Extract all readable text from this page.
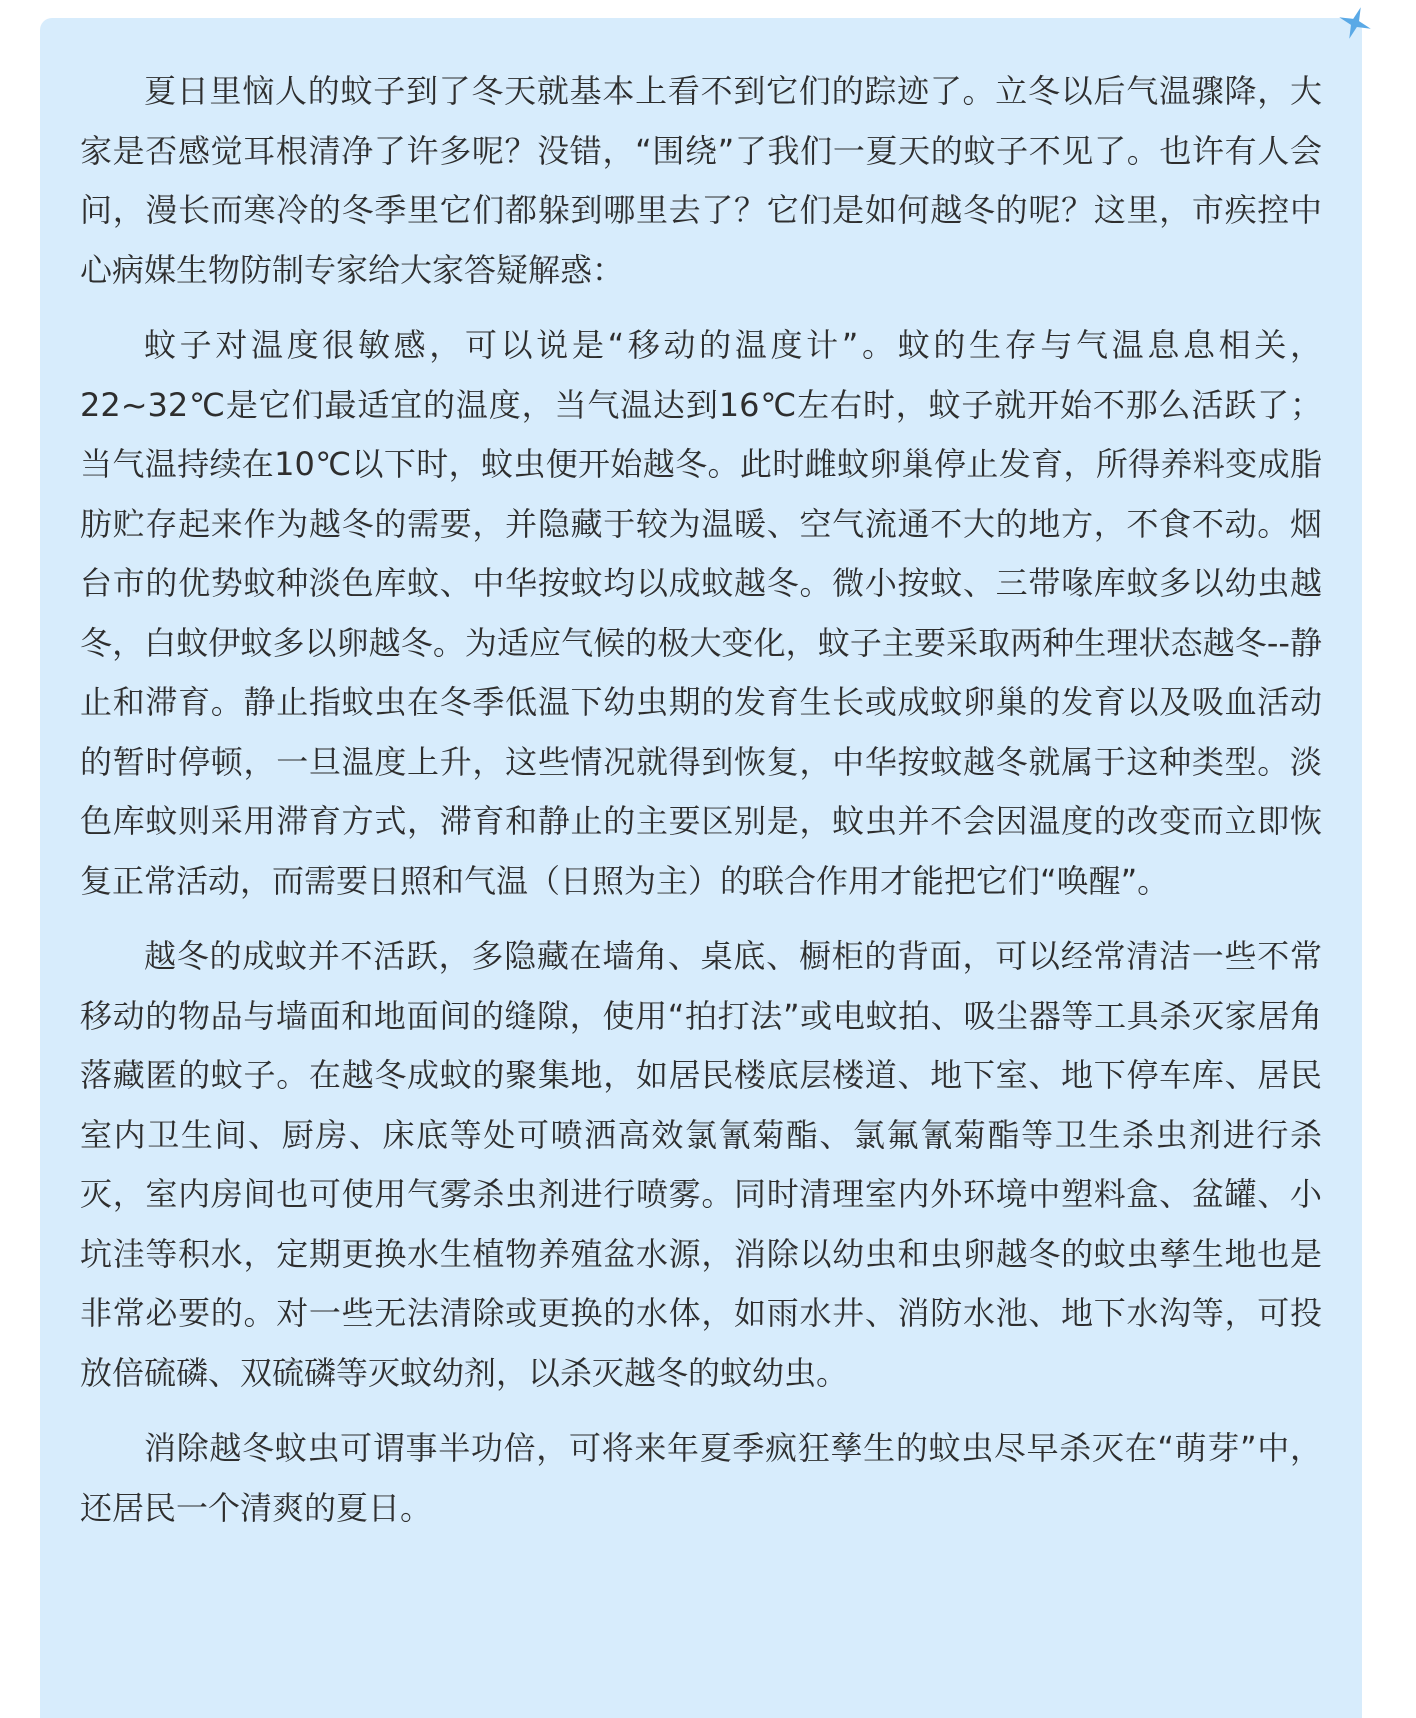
夏日里恼人的蚊子到了冬天就基本上看不到它们的踪迹了。立冬以后气温骤降，大家是否感觉耳根清净了许多呢？没错，“围绕”了我们一夏天的蚊子不见了。也许有人会问，漫长而寒冷的冬季里它们都躲到哪里去了？它们是如何越冬的呢？这里，市疾控中心病媒生物防制专家给大家答疑解惑：

蚊子对温度很敏感，可以说是“移动的温度计”。蚊的生存与气温息息相关，22~32℃是它们最适宜的温度，当气温达到16℃左右时，蚊子就开始不那么活跃了；当气温持续在10℃以下时，蚊虫便开始越冬。此时雌蚊卵巢停止发育，所得养料变成脂肪贮存起来作为越冬的需要，并隐藏于较为温暖、空气流通不大的地方，不食不动。烟台市的优势蚊种淡色库蚊、中华按蚊均以成蚊越冬。微小按蚊、三带喙库蚊多以幼虫越冬，白蚊伊蚊多以卵越冬。为适应气候的极大变化，蚊子主要采取两种生理状态越冬--静止和滞育。静止指蚊虫在冬季低温下幼虫期的发育生长或成蚊卵巢的发育以及吸血活动的暂时停顿，一旦温度上升，这些情况就得到恢复，中华按蚊越冬就属于这种类型。淡色库蚊则采用滞育方式，滞育和静止的主要区别是，蚊虫并不会因温度的改变而立即恢复正常活动，而需要日照和气温（日照为主）的联合作用才能把它们“唤醒”。

越冬的成蚊并不活跃，多隐藏在墙角、桌底、橱柜的背面，可以经常清洁一些不常移动的物品与墙面和地面间的缝隙，使用“拍打法”或电蚊拍、吸尘器等工具杀灭家居角落藏匿的蚊子。在越冬成蚊的聚集地，如居民楼底层楼道、地下室、地下停车库、居民室内卫生间、厨房、床底等处可喷洒高效氯氰菊酯、氯氟氰菊酯等卫生杀虫剂进行杀灭，室内房间也可使用气雾杀虫剂进行喷雾。同时清理室内外环境中塑料盒、盆罐、小坑洼等积水，定期更换水生植物养殖盆水源，消除以幼虫和虫卵越冬的蚊虫孳生地也是非常必要的。对一些无法清除或更换的水体，如雨水井、消防水池、地下水沟等，可投放倍硫磷、双硫磷等灭蚊幼剂，以杀灭越冬的蚊幼虫。

消除越冬蚊虫可谓事半功倍，可将来年夏季疯狂孳生的蚊虫尽早杀灭在“萌芽”中，还居民一个清爽的夏日。
